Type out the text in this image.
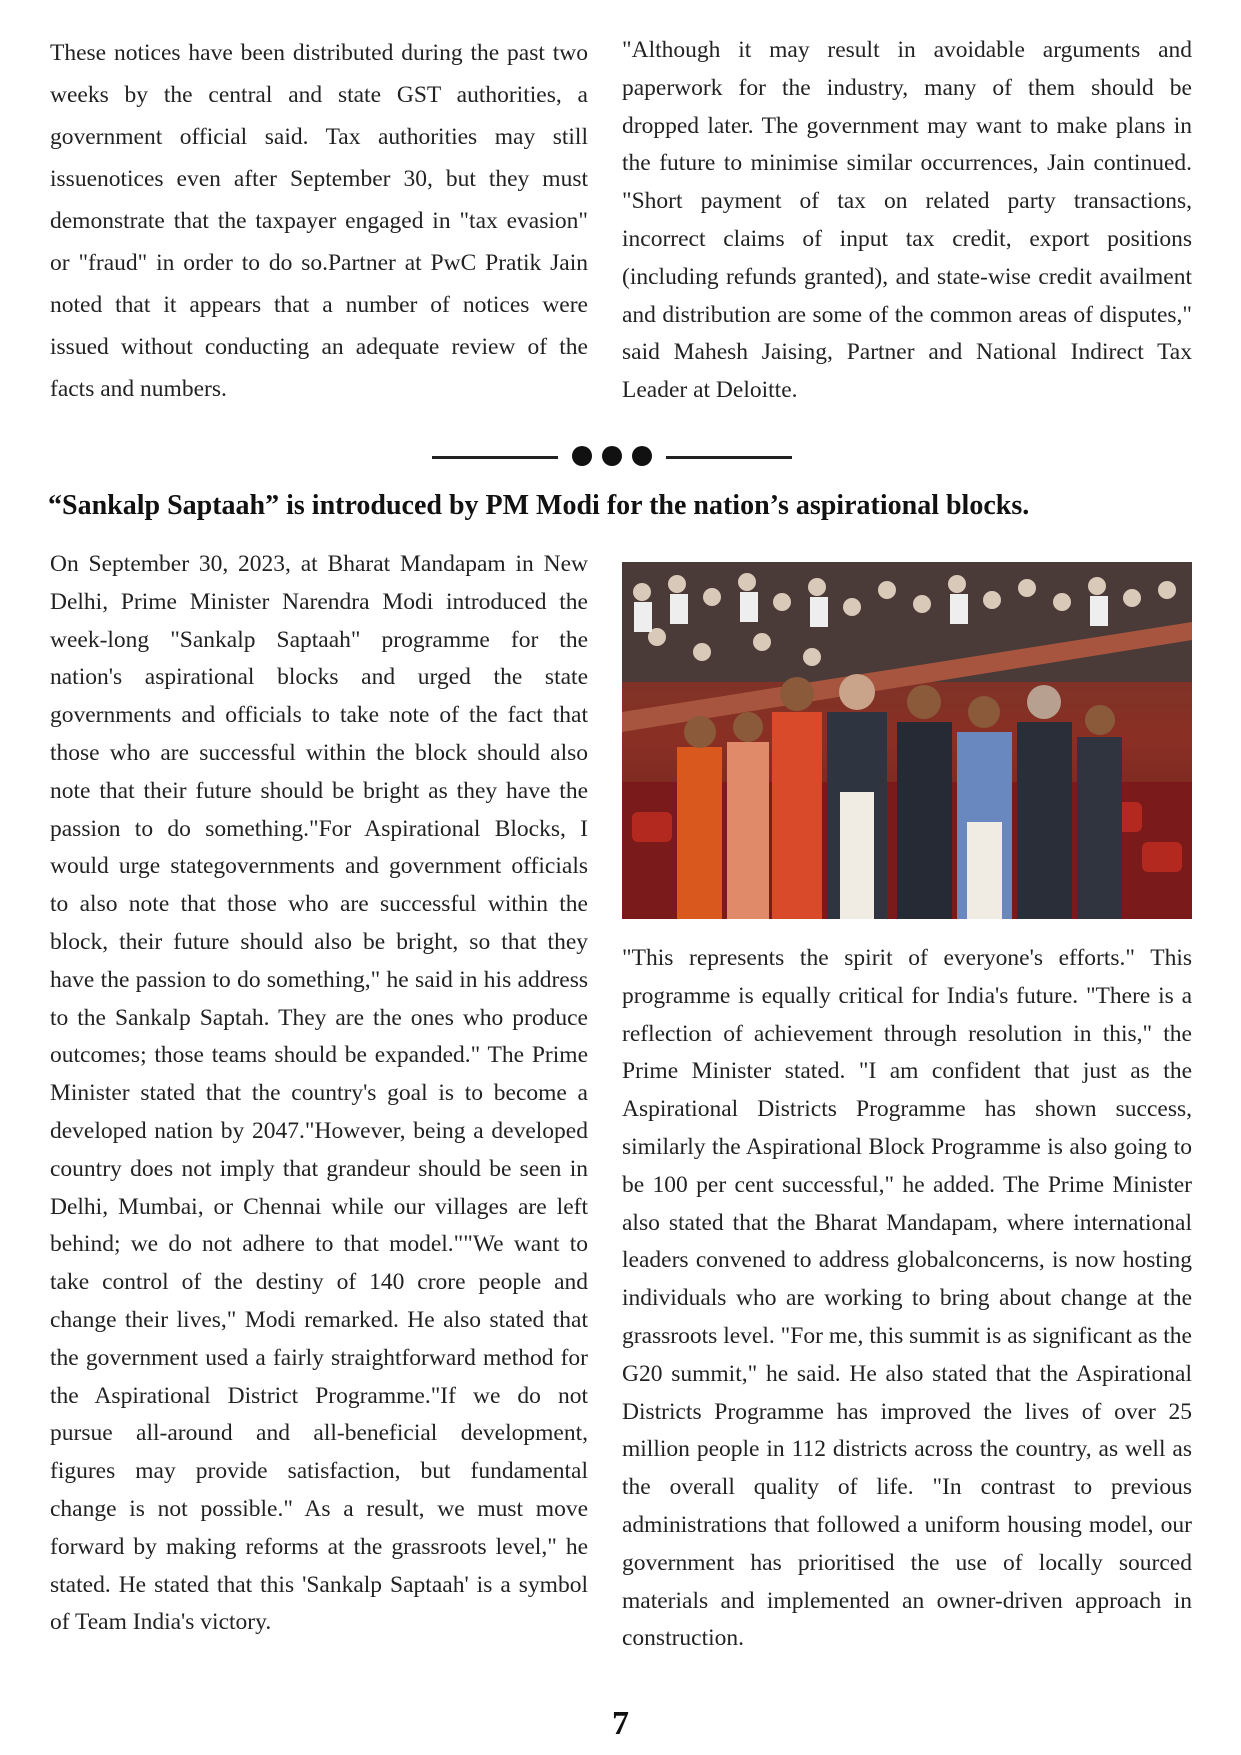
These notices have been distributed during the past two weeks by the central and state GST authorities, a government official said. Tax authorities may still issuenotices even after September 30, but they must demonstrate that the taxpayer engaged in "tax evasion" or "fraud" in order to do so.Partner at PwC Pratik Jain noted that it appears that a number of notices were issued without conducting an adequate review of the facts and numbers.

"Although it may result in avoidable arguments and paperwork for the industry, many of them should be dropped later. The government may want to make plans in the future to minimise similar occurrences, Jain continued. "Short payment of tax on related party transactions, incorrect claims of input tax credit, export positions (including refunds granted), and state-wise credit availment and distribution are some of the common areas of disputes," said Mahesh Jaising, Partner and National Indirect Tax Leader at Deloitte.

“Sankalp Saptaah” is introduced by PM Modi for the nation’s aspirational blocks.

On September 30, 2023, at Bharat Mandapam in New Delhi, Prime Minister Narendra Modi introduced the week-long "Sankalp Saptaah" programme for the nation's aspirational blocks and urged the state governments and officials to take note of the fact that those who are successful within the block should also note that their future should be bright as they have the passion to do something."For Aspirational Blocks, I would urge stategovernments and government officials to also note that those who are successful within the block, their future should also be bright, so that they have the passion to do something," he said in his address to the Sankalp Saptah. They are the ones who produce outcomes; those teams should be expanded." The Prime Minister stated that the country's goal is to become a developed nation by 2047."However, being a developed country does not imply that grandeur should be seen in Delhi, Mumbai, or Chennai while our villages are left behind; we do not adhere to that model.""We want to take control of the destiny of 140 crore people and change their lives," Modi remarked. He also stated that the government used a fairly straightforward method for the Aspirational District Programme."If we do not pursue all-around and all-beneficial development, figures may provide satisfaction, but fundamental change is not possible." As a result, we must move forward by making reforms at the grassroots level," he stated. He stated that this 'Sankalp Saptaah' is a symbol of Team India's victory.

"This represents the spirit of everyone's efforts." This programme is equally critical for India's future. "There is a reflection of achievement through resolution in this," the Prime Minister stated. "I am confident that just as the Aspirational Districts Programme has shown success, similarly the Aspirational Block Programme is also going to be 100 per cent successful," he added. The Prime Minister also stated that the Bharat Mandapam, where international leaders convened to address globalconcerns, is now hosting individuals who are working to bring about change at the grassroots level. "For me, this summit is as significant as the G20 summit," he said. He also stated that the Aspirational Districts Programme has improved the lives of over 25 million people in 112 districts across the country, as well as the overall quality of life. "In contrast to previous administrations that followed a uniform housing model, our government has prioritised the use of locally sourced materials and implemented an owner-driven approach in construction.

7
